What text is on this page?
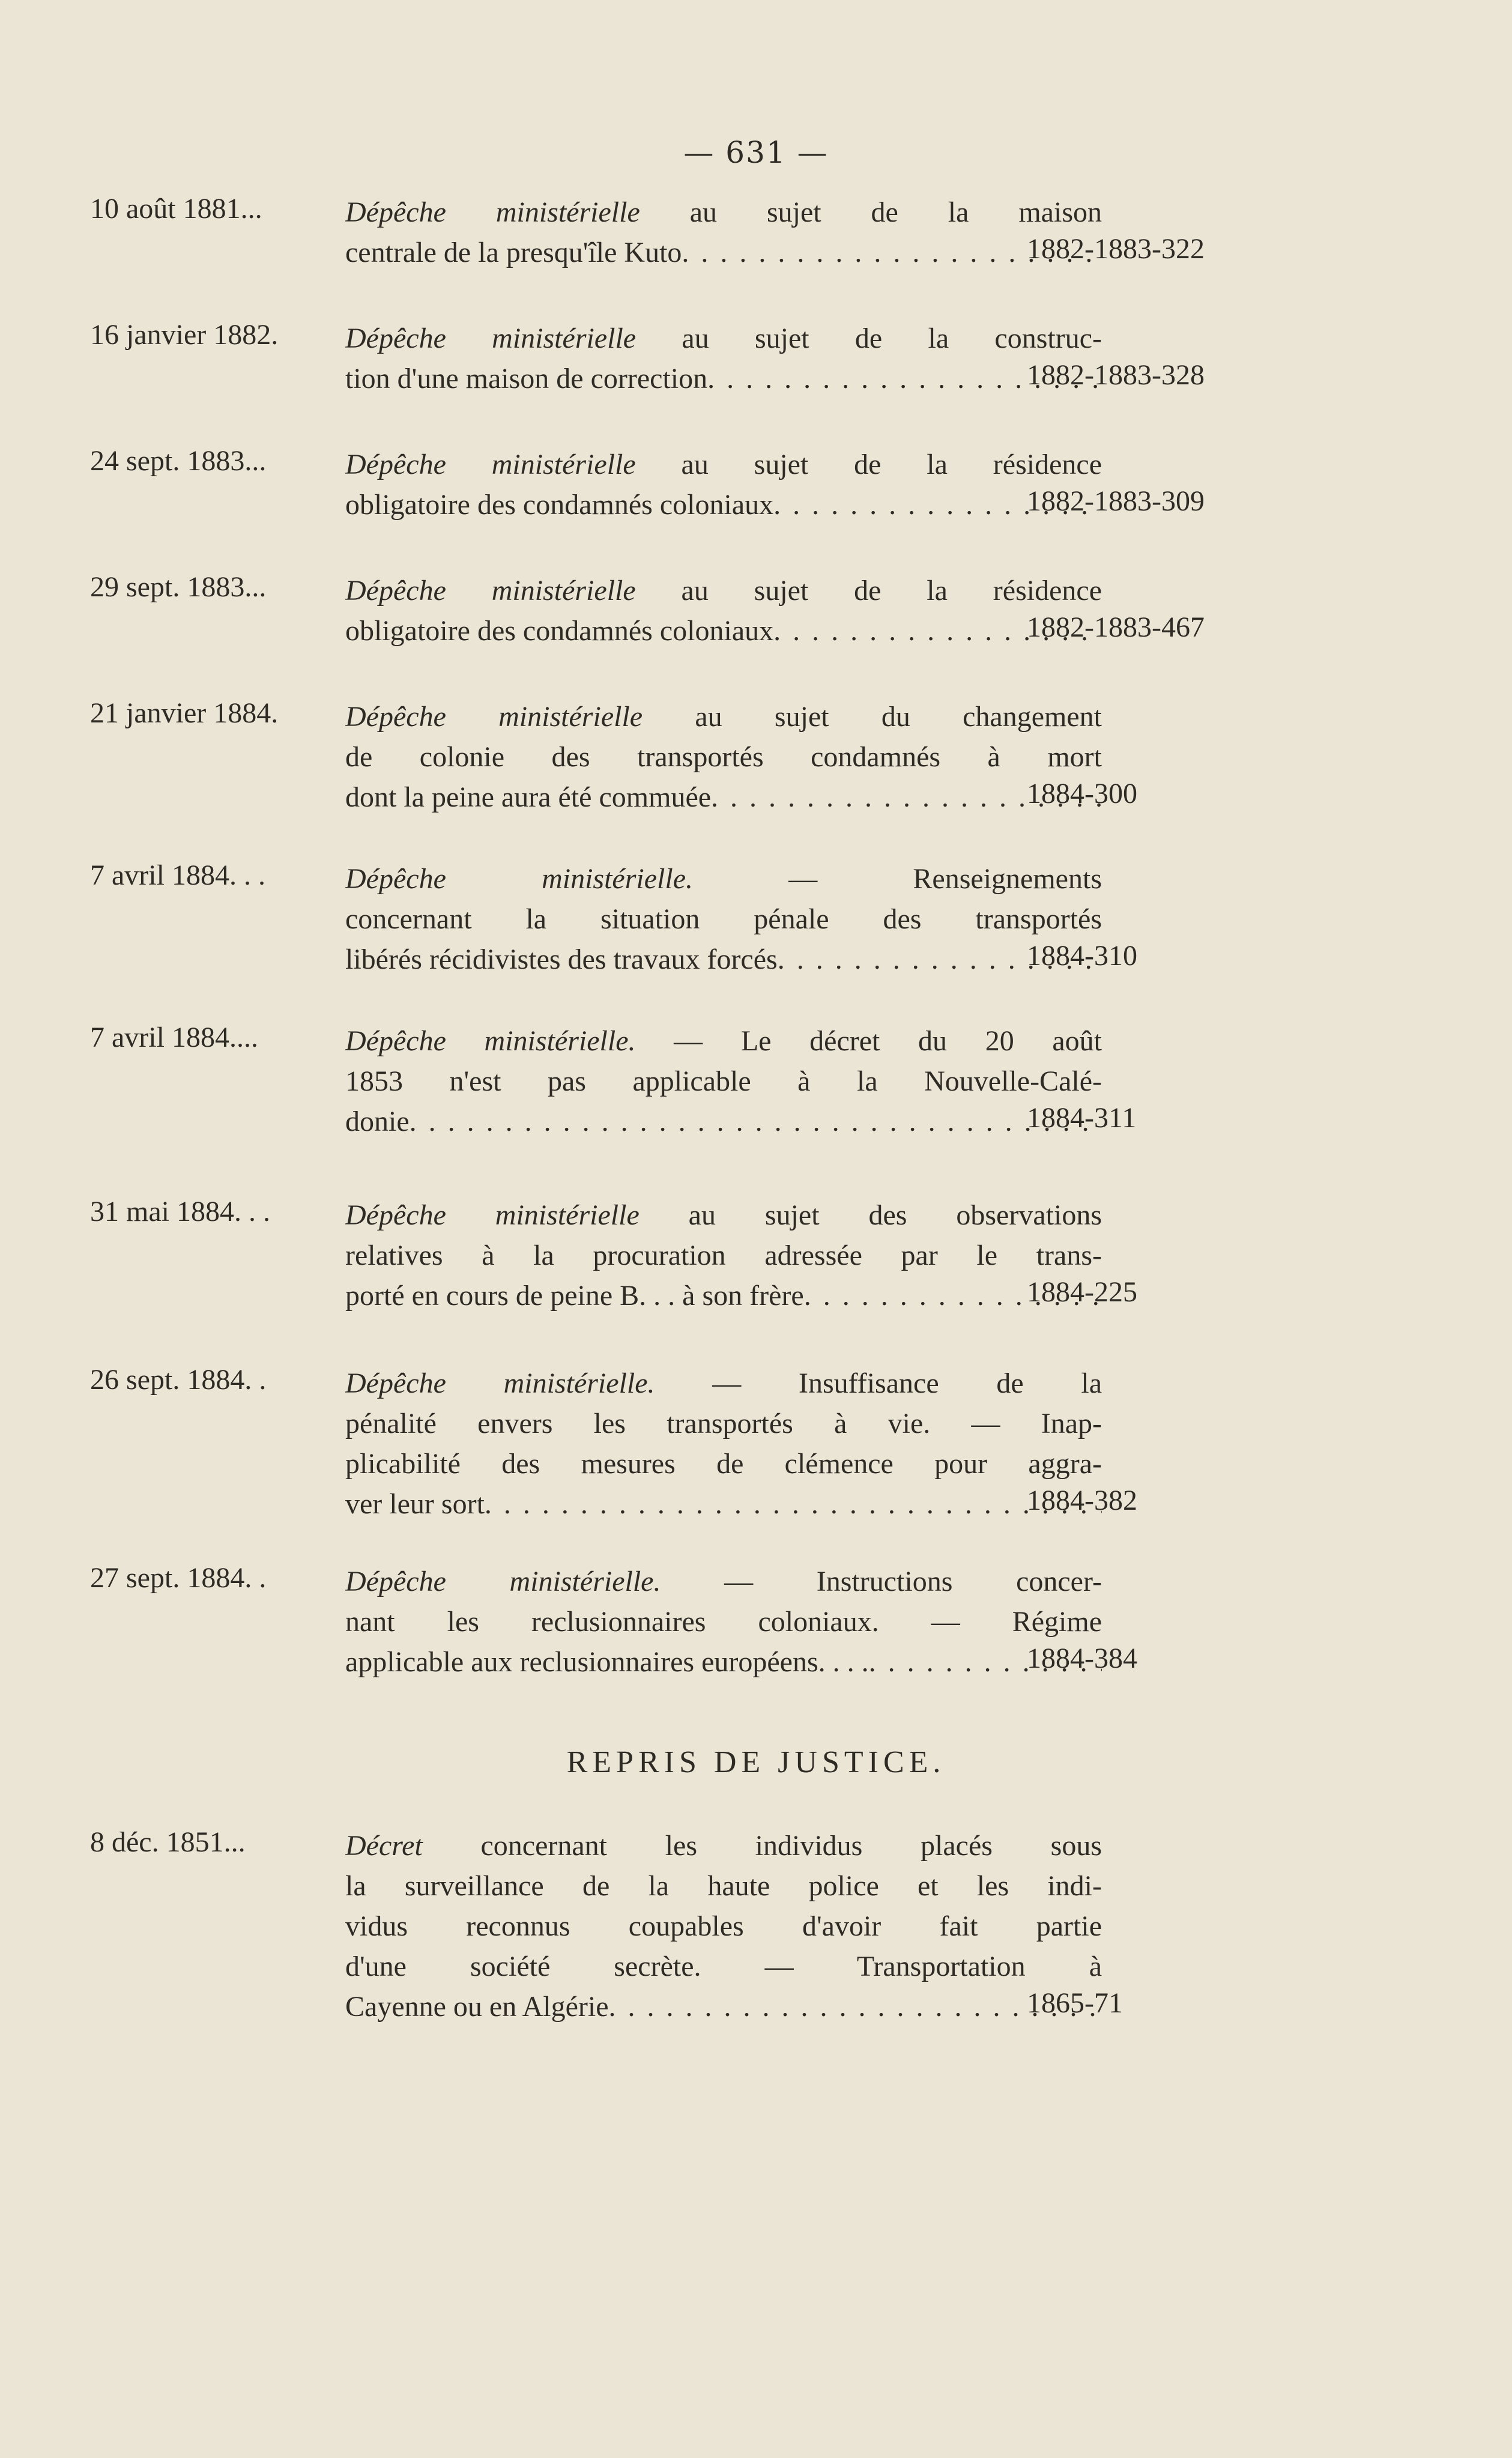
— 631 —
10 août 1881...	Dépêche ministérielle au sujet de la maison
centrale de la presqu'île Kuto . . .	1882-1883-322
16 janvier 1882.	Dépêche ministérielle au sujet de la construc-
tion d'une maison de correction . . .	1882-1883-328
24 sept. 1883...	Dépêche ministérielle au sujet de la résidence
obligatoire des condamnés coloniaux . . .	1882-1883-309
29 sept. 1883...	Dépêche ministérielle au sujet de la résidence
obligatoire des condamnés coloniaux . . .	1882-1883-467
21 janvier 1884.	Dépêche ministérielle au sujet du changement
de colonie des transportés condamnés à mort
dont la peine aura été commuée . . .	1884-300
7 avril 1884. . .	Dépêche ministérielle. — Renseignements
concernant la situation pénale des transportés
libérés récidivistes des travaux forcés . . .	1884-310
7 avril 1884....	Dépêche ministérielle. — Le décret du 20 août
1853 n'est pas applicable à la Nouvelle-Calé-
donie . . .	1884-311
31 mai 1884. . .	Dépêche ministérielle au sujet des observations
relatives à la procuration adressée par le trans-
porté en cours de peine B. . . à son frère . . .	1884-225
26 sept. 1884. .	Dépêche ministérielle. — Insuffisance de la
pénalité envers les transportés à vie. — Inap-
plicabilité des mesures de clémence pour aggra-
ver leur sort . . .	1884-382
27 sept. 1884. .	Dépêche ministérielle. — Instructions concer-
nant les reclusionnaires coloniaux. — Régime
applicable aux reclusionnaires européens. . . . . . .	1884-384
REPRIS DE JUSTICE.
8 déc. 1851...	Décret concernant les individus placés sous
la surveillance de la haute police et les indi-
vidus reconnus coupables d'avoir fait partie
d'une société secrète. — Transportation à
Cayenne ou en Algérie . . .	1865-71
